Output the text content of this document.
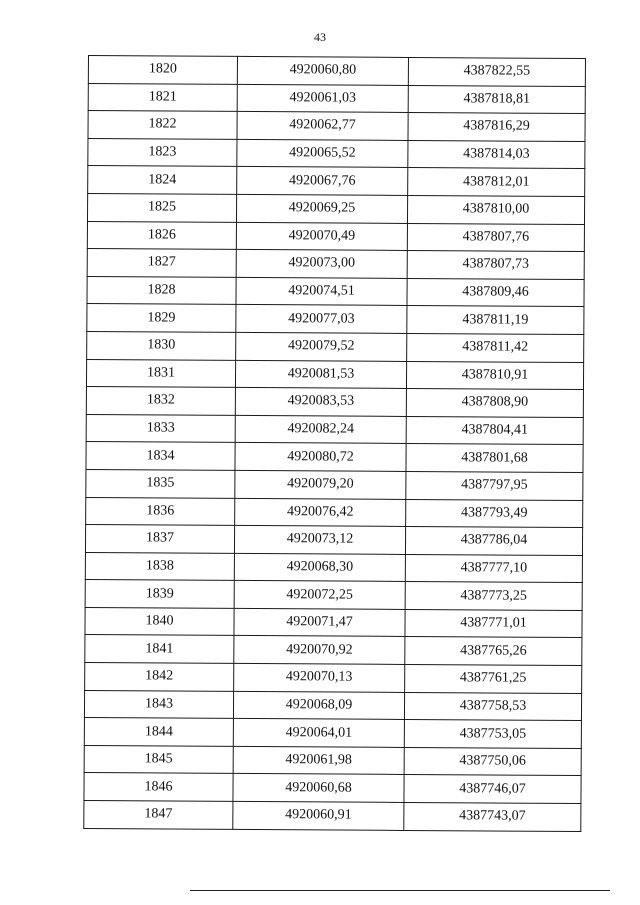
43
1820	4920060,80	4387822,55
1821	4920061,03	4387818,81
1822	4920062,77	4387816,29
1823	4920065,52	4387814,03
1824	4920067,76	4387812,01
1825	4920069,25	4387810,00
1826	4920070,49	4387807,76
1827	4920073,00	4387807,73
1828	4920074,51	4387809,46
1829	4920077,03	4387811,19
1830	4920079,52	4387811,42
1831	4920081,53	4387810,91
1832	4920083,53	4387808,90
1833	4920082,24	4387804,41
1834	4920080,72	4387801,68
1835	4920079,20	4387797,95
1836	4920076,42	4387793,49
1837	4920073,12	4387786,04
1838	4920068,30	4387777,10
1839	4920072,25	4387773,25
1840	4920071,47	4387771,01
1841	4920070,92	4387765,26
1842	4920070,13	4387761,25
1843	4920068,09	4387758,53
1844	4920064,01	4387753,05
1845	4920061,98	4387750,06
1846	4920060,68	4387746,07
1847	4920060,91	4387743,07
